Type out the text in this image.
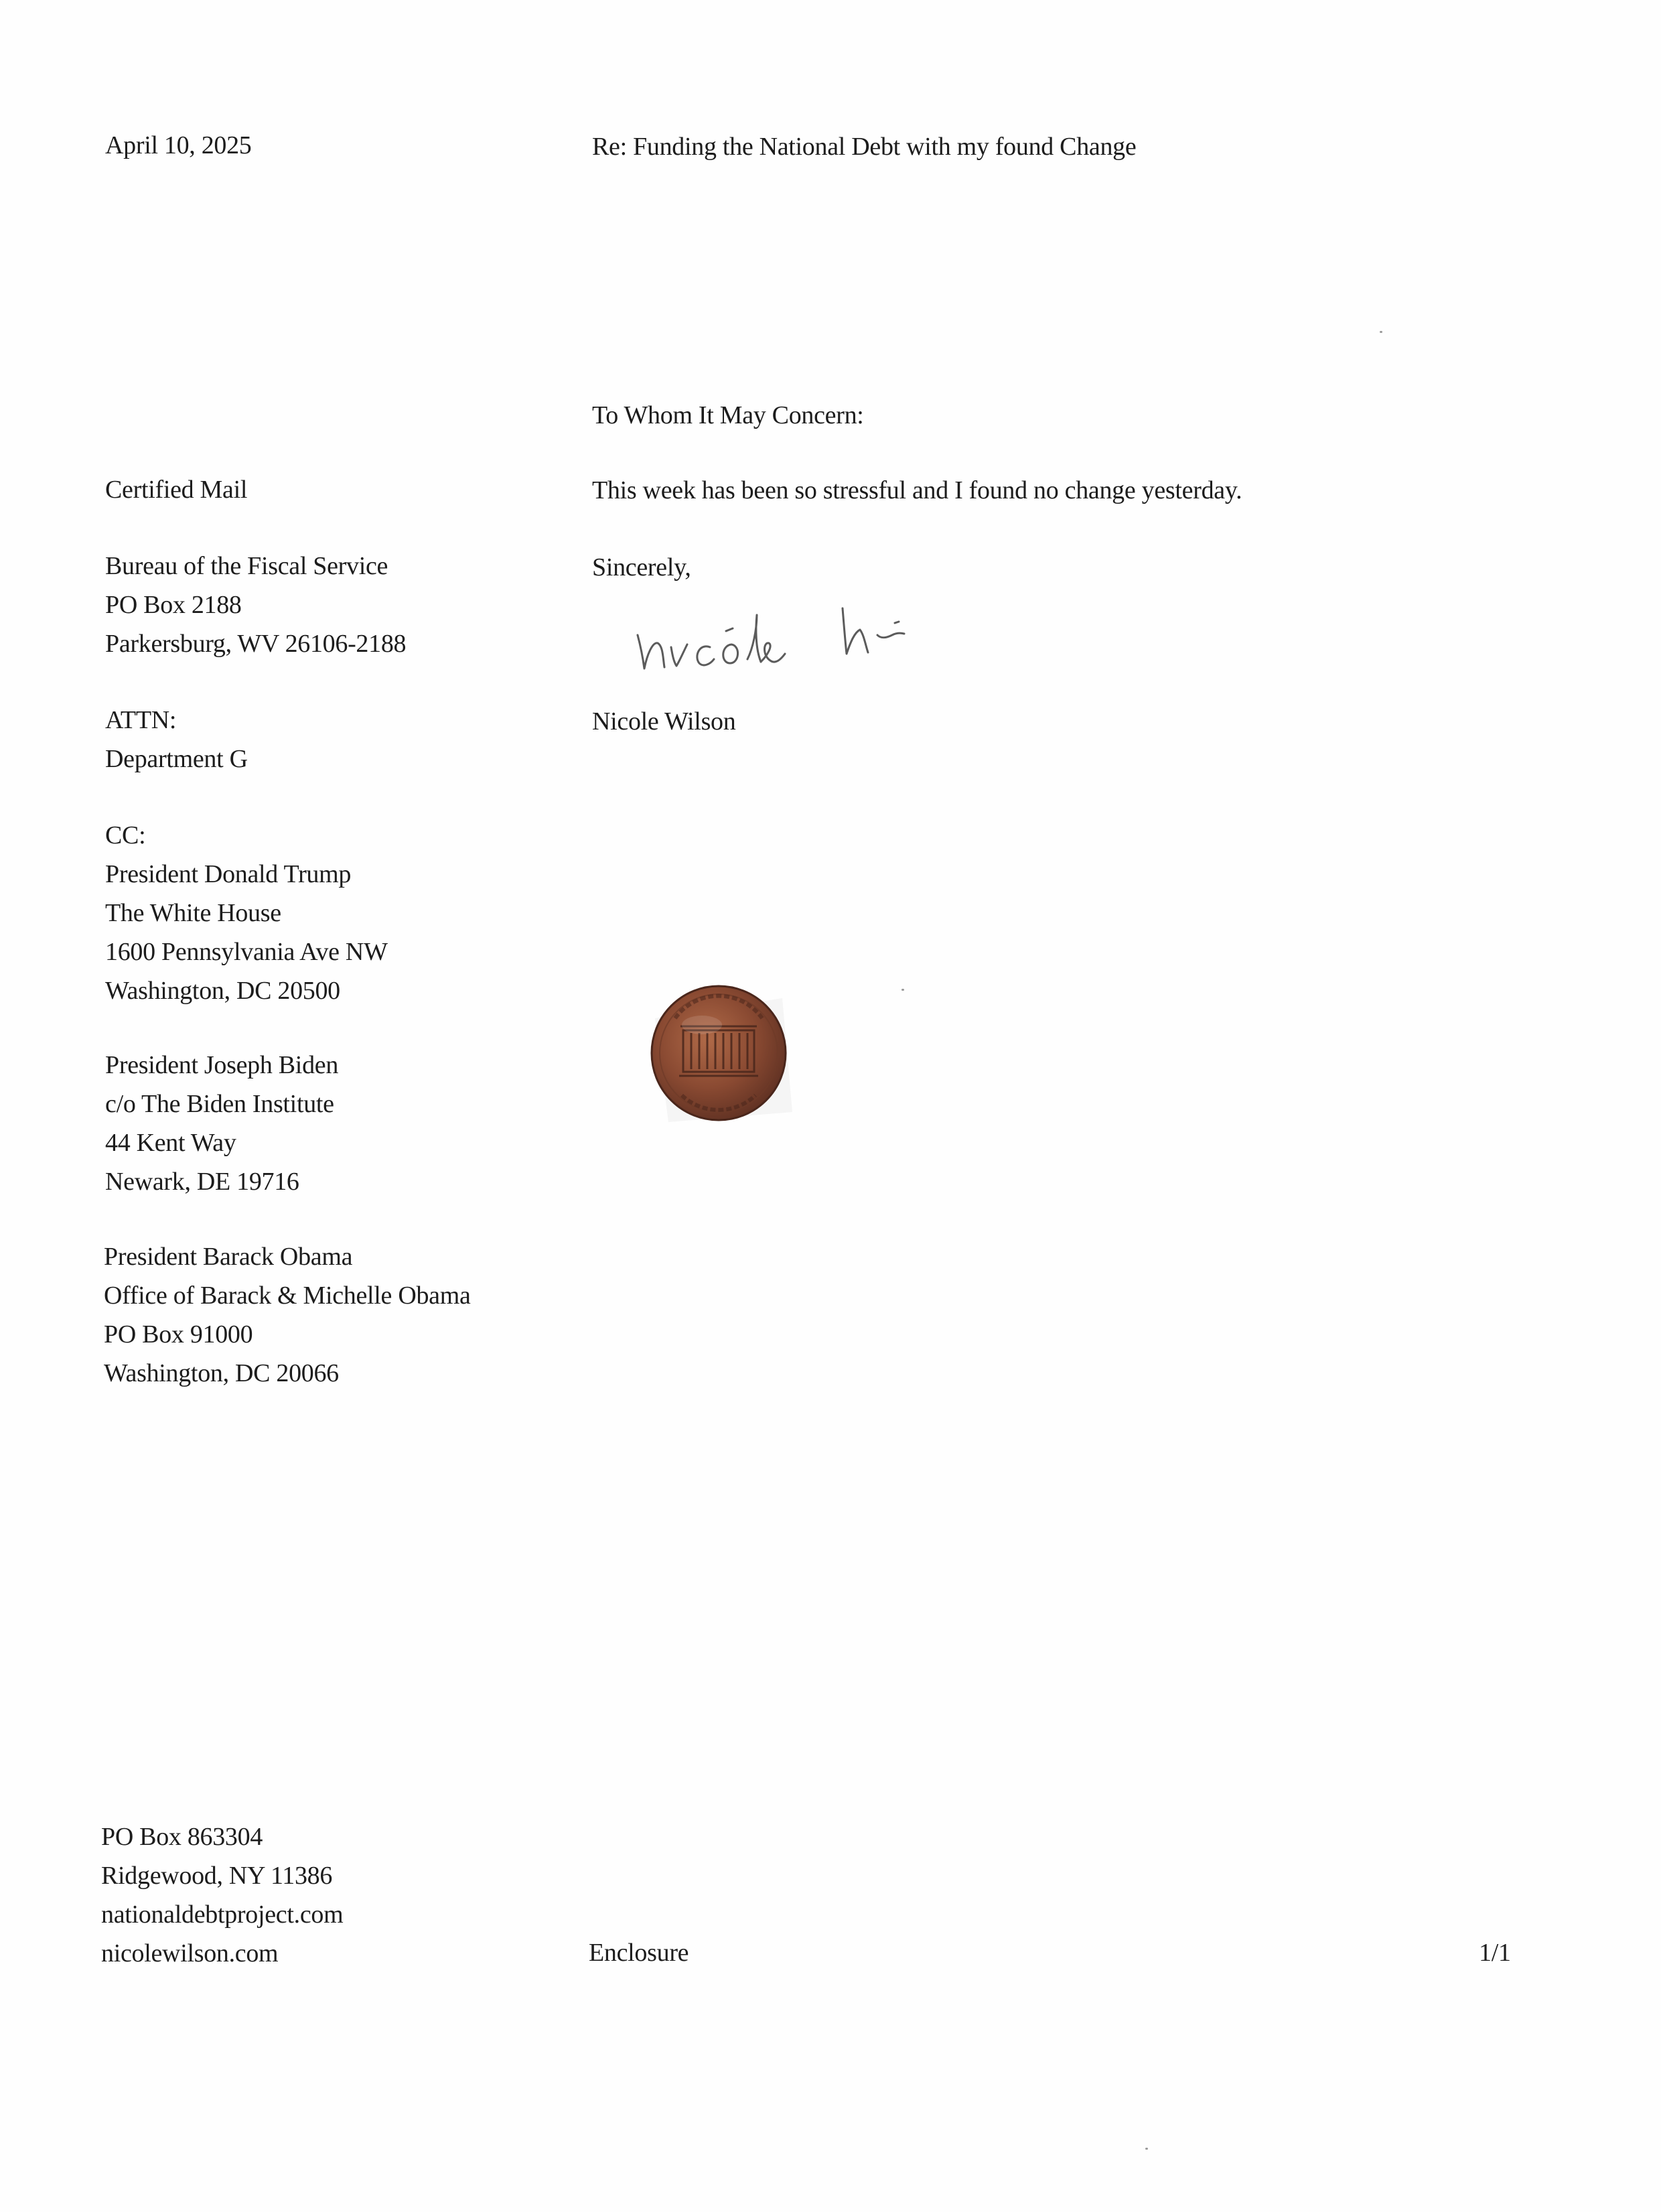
April 10, 2025	Re: Funding the National Debt with my found Change
Certified Mail
Bureau of the Fiscal Service
PO Box 2188
Parkersburg, WV 26106-2188
ATTN:
Department G
CC:
President Donald Trump
The White House
1600 Pennsylvania Ave NW
Washington, DC 20500
President Joseph Biden
c/o The Biden Institute
44 Kent Way
Newark, DE 19716
President Barack Obama
Office of Barack & Michelle Obama
PO Box 91000
Washington, DC 20066
To Whom It May Concern:
This week has been so stressful and I found no change yesterday.
Sincerely,
Nicole Wilson
PO Box 863304
Ridgewood, NY 11386
nationaldebtproject.com
nicolewilson.com	Enclosure	1/1
